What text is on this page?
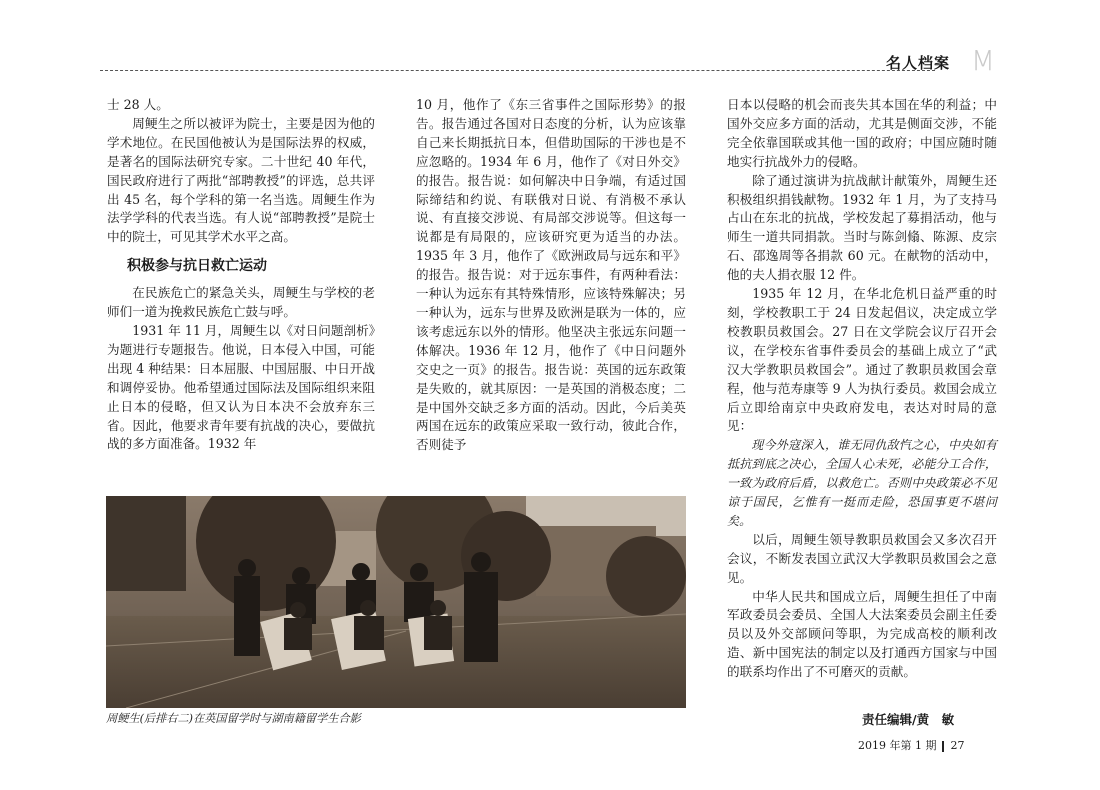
名人档案 M

士 28 人。

周鲠生之所以被评为院士，主要是因为他的学术地位。在民国他被认为是国际法界的权威，是著名的国际法研究专家。二十世纪 40 年代，国民政府进行了两批“部聘教授”的评选，总共评出 45 名，每个学科的第一名当选。周鲠生作为法学学科的代表当选。有人说“部聘教授”是院士中的院士，可见其学术水平之高。

积极参与抗日救亡运动

在民族危亡的紧急关头，周鲠生与学校的老师们一道为挽救民族危亡鼓与呼。

1931 年 11 月，周鲠生以《对日问题剖析》为题进行专题报告。他说，日本侵入中国，可能出现 4 种结果：日本屈服、中国屈服、中日开战和调停妥协。他希望通过国际法及国际组织来阻止日本的侵略，但又认为日本决不会放弃东三省。因此，他要求青年要有抗战的决心，要做抗战的多方面准备。1932 年

10 月，他作了《东三省事件之国际形势》的报告。报告通过各国对日态度的分析，认为应该靠自己来长期抵抗日本，但借助国际的干涉也是不应忽略的。1934 年 6 月，他作了《对日外交》的报告。报告说：如何解决中日争端，有适过国际缔结和约说、有联俄对日说、有消极不承认说、有直接交涉说、有局部交涉说等。但这每一说都是有局限的，应该研究更为适当的办法。1935 年 3 月，他作了《欧洲政局与远东和平》的报告。报告说：对于远东事件，有两种看法：一种认为远东有其特殊情形，应该特殊解决；另一种认为，远东与世界及欧洲是联为一体的，应该考虑远东以外的情形。他坚决主张远东问题一体解决。1936 年 12 月，他作了《中日问题外交史之一页》的报告。报告说：英国的远东政策是失败的，就其原因：一是英国的消极态度；二是中国外交缺乏多方面的活动。因此，今后美英两国在远东的政策应采取一致行动，彼此合作，否则徒予

日本以侵略的机会而丧失其本国在华的利益；中国外交应多方面的活动，尤其是侧面交涉，不能完全依靠国联或其他一国的政府；中国应随时随地实行抗战外力的侵略。

除了通过演讲为抗战献计献策外，周鲠生还积极组织捐钱献物。1932 年 1 月，为了支持马占山在东北的抗战，学校发起了募捐活动，他与师生一道共同捐款。当时与陈剑翛、陈源、皮宗石、邵逸周等各捐款 60 元。在献物的活动中，他的夫人捐衣服 12 件。

1935 年 12 月，在华北危机日益严重的时刻，学校教职工于 24 日发起倡议，决定成立学校教职员救国会。27 日在文学院会议厅召开会议，在学校东省事件委员会的基础上成立了“武汉大学教职员救国会”。通过了教职员救国会章程，他与范寿康等 9 人为执行委员。救国会成立后立即给南京中央政府发电，表达对时局的意见：

现今外寇深入，谁无同仇敌忾之心，中央如有抵抗到底之决心，全国人心未死，必能分工合作，一致为政府后盾，以救危亡。否则中央政策必不见谅于国民，乞惟有一挺而走险，恐国事更不堪问矣。

以后，周鲠生领导教职员救国会又多次召开会议，不断发表国立武汉大学教职员救国会之意见。

中华人民共和国成立后，周鲠生担任了中南军政委员会委员、全国人大法案委员会副主任委员以及外交部顾问等职，为完成高校的顺利改造、新中国宪法的制定以及打通西方国家与中国的联系均作出了不可磨灭的贡献。

周鲠生(后排右二)在英国留学时与湖南籍留学生合影	责任编辑/黄　敏
2019 年第 1 期 27
